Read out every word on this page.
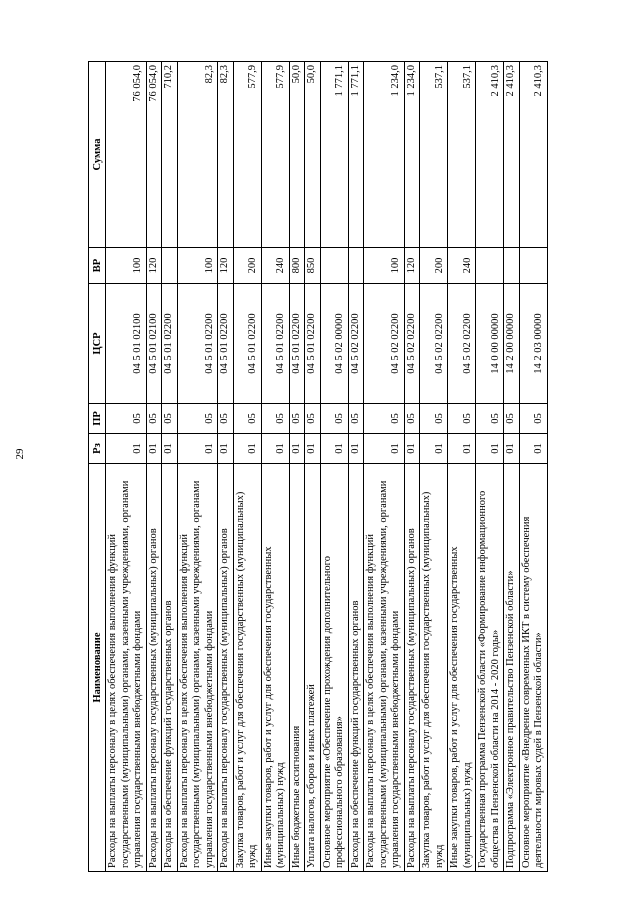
29
Наименование	Рз	ПР	ЦСР	ВР	Сумма
Расходы на выплаты персоналу в целях обеспечения выполнения функций государственными (муниципальными) органами, казенными учреждениями, органами управления государственными внебюджетными фондами	01	05	04 5 01 02100	100	76 054,0
Расходы на выплаты персоналу государственных (муниципальных) органов	01	05	04 5 01 02100	120	76 054,0
Расходы на обеспечение функций государственных органов	01	05	04 5 01 02200		710,2
Расходы на выплаты персоналу в целях обеспечения выполнения функций государственными (муниципальными) органами, казенными учреждениями, органами управления государственными внебюджетными фондами	01	05	04 5 01 02200	100	82,3
Расходы на выплаты персоналу государственных (муниципальных) органов	01	05	04 5 01 02200	120	82,3
Закупка товаров, работ и услуг для обеспечения государственных (муниципальных) нужд	01	05	04 5 01 02200	200	577,9
Иные закупки товаров, работ и услуг для обеспечения государственных (муниципальных) нужд	01	05	04 5 01 02200	240	577,9
Иные бюджетные ассигнования	01	05	04 5 01 02200	800	50,0
Уплата налогов, сборов и иных платежей	01	05	04 5 01 02200	850	50,0
Основное мероприятие «Обеспечение прохождения дополнительного профессионального образования»	01	05	04 5 02 00000		1 771,1
Расходы на обеспечение функций государственных органов	01	05	04 5 02 02200		1 771,1
Расходы на выплаты персоналу в целях обеспечения выполнения функций государственными (муниципальными) органами, казенными учреждениями, органами управления государственными внебюджетными фондами	01	05	04 5 02 02200	100	1 234,0
Расходы на выплаты персоналу государственных (муниципальных) органов	01	05	04 5 02 02200	120	1 234,0
Закупка товаров, работ и услуг для обеспечения государственных (муниципальных) нужд	01	05	04 5 02 02200	200	537,1
Иные закупки товаров, работ и услуг для обеспечения государственных (муниципальных) нужд	01	05	04 5 02 02200	240	537,1
Государственная программа Пензенской области «Формирование информационного общества в Пензенской области на 2014 - 2020 годы»	01	05	14 0 00 00000		2 410,3
Подпрограмма «Электронное правительство Пензенской области»	01	05	14 2 00 00000		2 410,3
Основное мероприятие «Внедрение современных ИКТ в систему обеспечения деятельности мировых судей в Пензенской области»	01	05	14 2 03 00000		2 410,3
